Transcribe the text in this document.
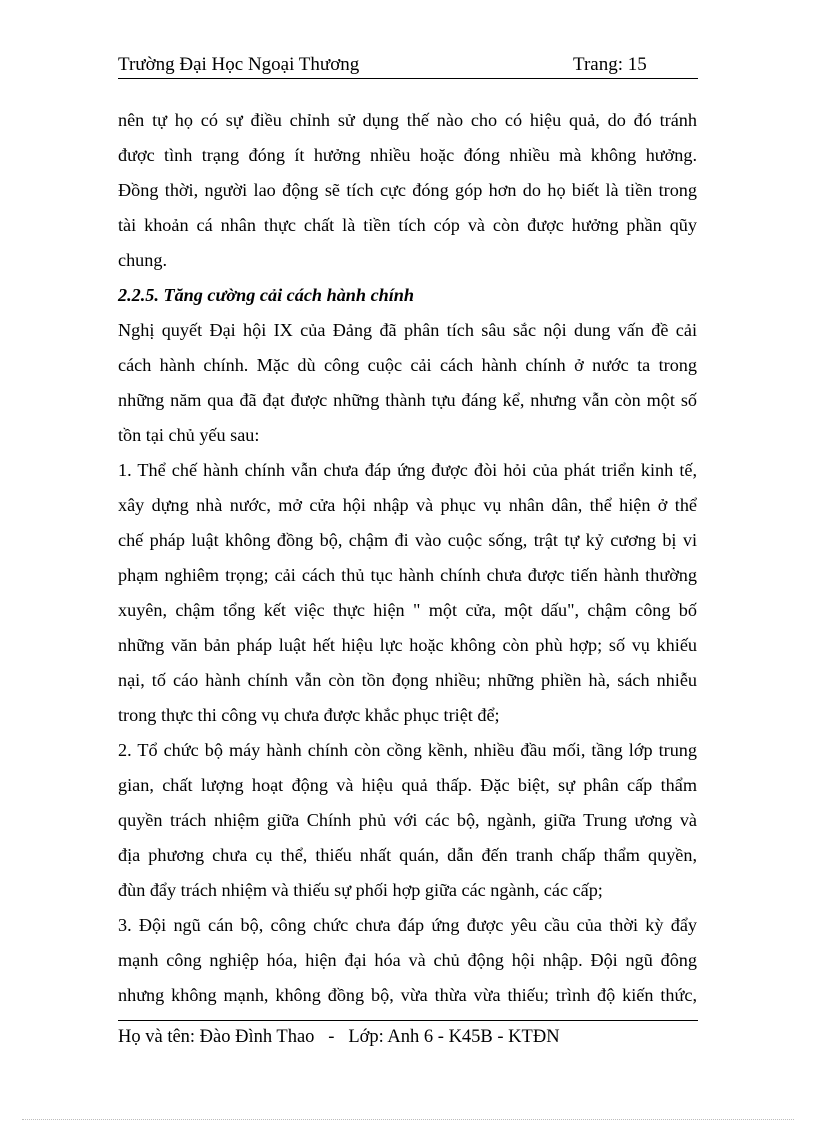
Trường Đại Học Ngoại Thương	Trang: 15
nên tự họ có sự điều chỉnh sử dụng thế nào cho có hiệu quả, do đó tránh
được tình trạng đóng ít hưởng nhiều hoặc đóng nhiều mà không hưởng.
Đồng thời, người lao động sẽ tích cực đóng góp hơn do họ biết là tiền trong
tài khoản cá nhân thực chất là tiền tích cóp và còn được hưởng phần qũy
chung.
2.2.5. Tăng cường cải cách hành chính
Nghị quyết Đại hội IX của Đảng đã phân tích sâu sắc nội dung vấn đề cải
cách hành chính. Mặc dù công cuộc cải cách hành chính ở nước ta trong
những năm qua đã đạt được những thành tựu đáng kể, nhưng vẫn còn một số
tồn tại chủ yếu sau:
1. Thể chế hành chính vẫn chưa đáp ứng được đòi hỏi của phát triển kinh tế,
xây dựng nhà nước, mở cửa hội nhập và phục vụ nhân dân, thể hiện ở thể
chế pháp luật không đồng bộ, chậm đi vào cuộc sống, trật tự kỷ cương bị vi
phạm nghiêm trọng; cải cách thủ tục hành chính chưa được tiến hành thường
xuyên, chậm tổng kết việc thực hiện " một cửa, một dấu", chậm công bố
những văn bản pháp luật hết hiệu lực hoặc không còn phù hợp; số vụ khiếu
nại, tố cáo hành chính vẫn còn tồn đọng nhiều; những phiền hà, sách nhiễu
trong thực thi công vụ chưa được khắc phục triệt để;
2. Tổ chức bộ máy hành chính còn cồng kềnh, nhiều đầu mối, tầng lớp trung
gian, chất lượng hoạt động và hiệu quả thấp. Đặc biệt, sự phân cấp thẩm
quyền trách nhiệm giữa Chính phủ với các bộ, ngành, giữa Trung ương và
địa phương chưa cụ thể, thiếu nhất quán, dẫn đến tranh chấp thẩm quyền,
đùn đẩy trách nhiệm và thiếu sự phối hợp giữa các ngành, các cấp;
3. Đội ngũ cán bộ, công chức chưa đáp ứng được yêu cầu của thời kỳ đẩy
mạnh công nghiệp hóa, hiện đại hóa và chủ động hội nhập. Đội ngũ đông
nhưng không mạnh, không đồng bộ, vừa thừa vừa thiếu; trình độ kiến thức,
Họ và tên: Đào Đình Thao   -   Lớp: Anh 6 - K45B - KTĐN
